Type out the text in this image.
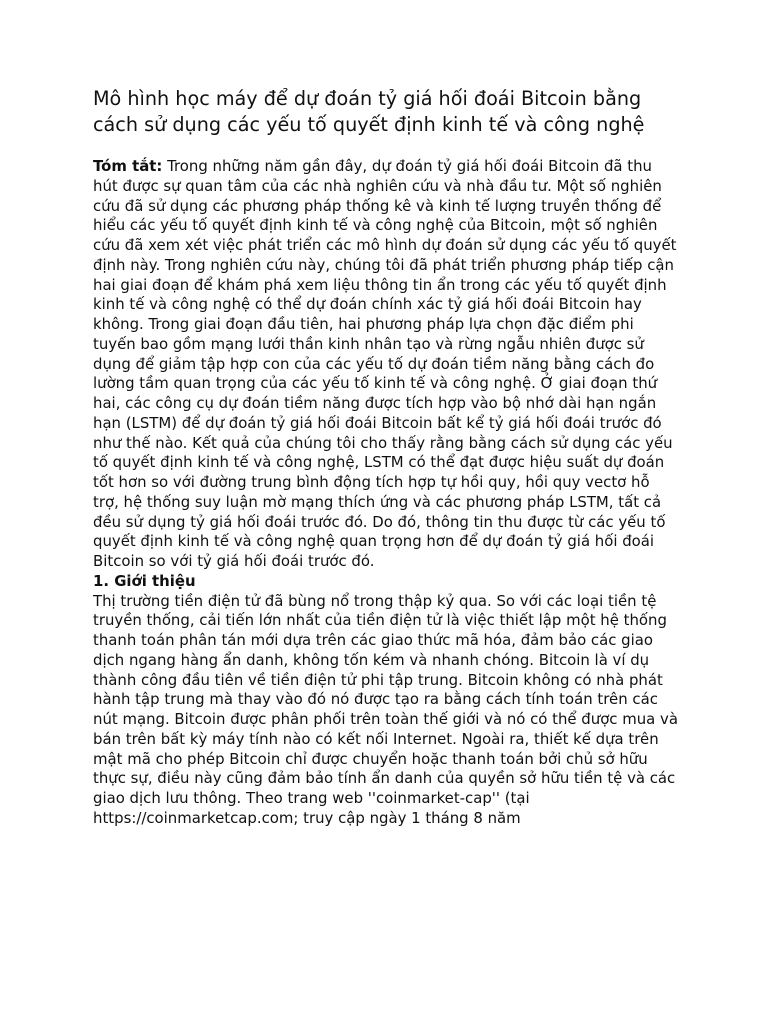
Mô hình học máy để dự đoán tỷ giá hối đoái Bitcoin bằng cách sử dụng các yếu tố quyết định kinh tế và công nghệ

Tóm tắt: Trong những năm gần đây, dự đoán tỷ giá hối đoái Bitcoin đã thu hút được sự quan tâm của các nhà nghiên cứu và nhà đầu tư. Một số nghiên cứu đã sử dụng các phương pháp thống kê và kinh tế lượng truyền thống để hiểu các yếu tố quyết định kinh tế và công nghệ của Bitcoin, một số nghiên cứu đã xem xét việc phát triển các mô hình dự đoán sử dụng các yếu tố quyết định này. Trong nghiên cứu này, chúng tôi đã phát triển phương pháp tiếp cận hai giai đoạn để khám phá xem liệu thông tin ẩn trong các yếu tố quyết định kinh tế và công nghệ có thể dự đoán chính xác tỷ giá hối đoái Bitcoin hay không. Trong giai đoạn đầu tiên, hai phương pháp lựa chọn đặc điểm phi tuyến bao gồm mạng lưới thần kinh nhân tạo và rừng ngẫu nhiên được sử dụng để giảm tập hợp con của các yếu tố dự đoán tiềm năng bằng cách đo lường tầm quan trọng của các yếu tố kinh tế và công nghệ. Ở giai đoạn thứ hai, các công cụ dự đoán tiềm năng được tích hợp vào bộ nhớ dài hạn ngắn hạn (LSTM) để dự đoán tỷ giá hối đoái Bitcoin bất kể tỷ giá hối đoái trước đó như thế nào. Kết quả của chúng tôi cho thấy rằng bằng cách sử dụng các yếu tố quyết định kinh tế và công nghệ, LSTM có thể đạt được hiệu suất dự đoán tốt hơn so với đường trung bình động tích hợp tự hồi quy, hồi quy vectơ hỗ trợ, hệ thống suy luận mờ mạng thích ứng và các phương pháp LSTM, tất cả đều sử dụng tỷ giá hối đoái trước đó. Do đó, thông tin thu được từ các yếu tố quyết định kinh tế và công nghệ quan trọng hơn để dự đoán tỷ giá hối đoái Bitcoin so với tỷ giá hối đoái trước đó.

1. Giới thiệu

Thị trường tiền điện tử đã bùng nổ trong thập kỷ qua. So với các loại tiền tệ truyền thống, cải tiến lớn nhất của tiền điện tử là việc thiết lập một hệ thống thanh toán phân tán mới dựa trên các giao thức mã hóa, đảm bảo các giao dịch ngang hàng ẩn danh, không tốn kém và nhanh chóng. Bitcoin là ví dụ thành công đầu tiên về tiền điện tử phi tập trung. Bitcoin không có nhà phát hành tập trung mà thay vào đó nó được tạo ra bằng cách tính toán trên các nút mạng. Bitcoin được phân phối trên toàn thế giới và nó có thể được mua và bán trên bất kỳ máy tính nào có kết nối Internet. Ngoài ra, thiết kế dựa trên mật mã cho phép Bitcoin chỉ được chuyển hoặc thanh toán bởi chủ sở hữu thực sự, điều này cũng đảm bảo tính ẩn danh của quyền sở hữu tiền tệ và các giao dịch lưu thông. Theo trang web ''coinmarket-cap'' (tại https://coinmarketcap.com; truy cập ngày 1 tháng 8 năm
